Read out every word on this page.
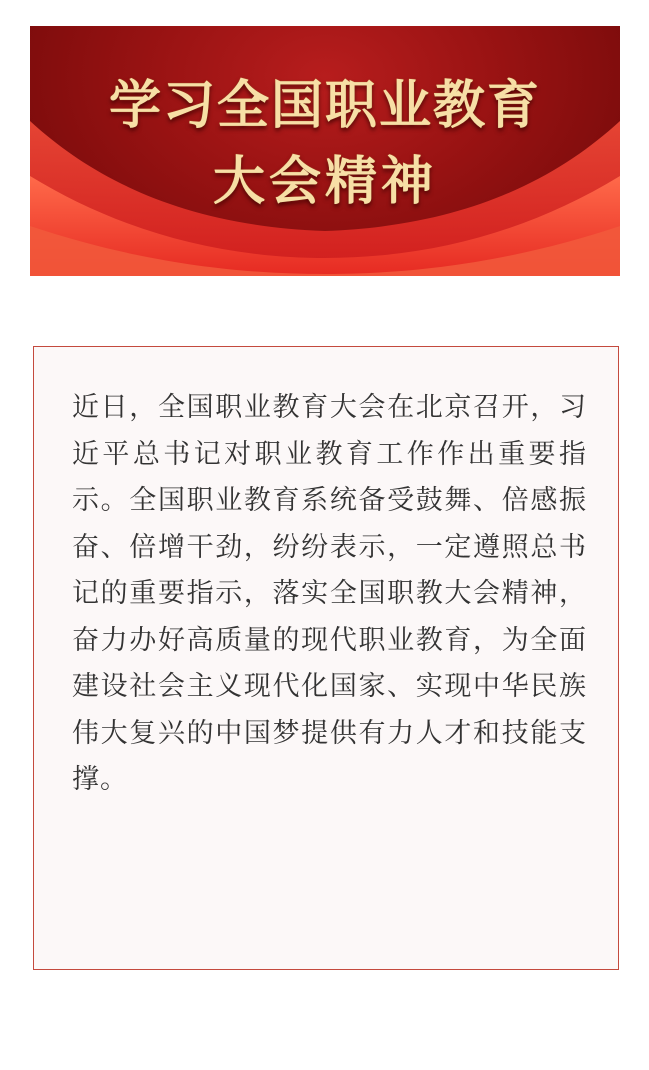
学习全国职业教育
大会精神

近日，全国职业教育大会在北京召开，习近平总书记对职业教育工作作出重要指示。全国职业教育系统备受鼓舞、倍感振奋、倍增干劲，纷纷表示，一定遵照总书记的重要指示，落实全国职教大会精神，奋力办好高质量的现代职业教育，为全面建设社会主义现代化国家、实现中华民族伟大复兴的中国梦提供有力人才和技能支撑。
